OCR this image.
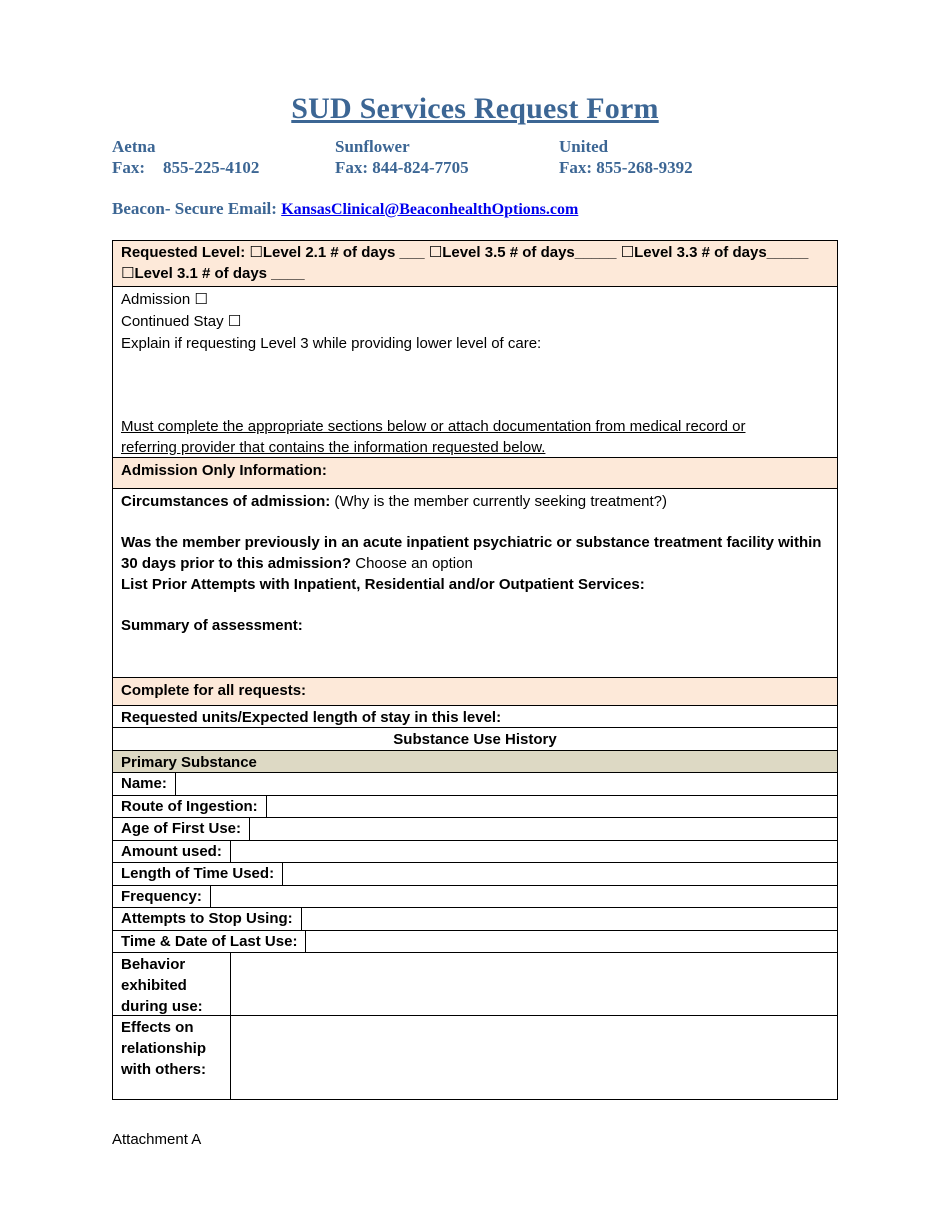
SUD Services Request Form
Aetna
Fax: 855-225-4102
Sunflower
Fax: 844-824-7705
United
Fax: 855-268-9392
Beacon- Secure Email: KansasClinical@BeaconhealthOptions.com
Requested Level: ☐Level 2.1 # of days ___ ☐Level 3.5 # of days_____ ☐Level 3.3 # of days_____
☐Level 3.1 # of days ____
Admission ☐
Continued Stay ☐
Explain if requesting Level 3 while providing lower level of care:
Must complete the appropriate sections below or attach documentation from medical record or
referring provider that contains the information requested below.
Admission Only Information:
Circumstances of admission: (Why is the member currently seeking treatment?)
Was the member previously in an acute inpatient psychiatric or substance treatment facility within
30 days prior to this admission? Choose an option
List Prior Attempts with Inpatient, Residential and/or Outpatient Services:
Summary of assessment:
Complete for all requests:
Requested units/Expected length of stay in this level:
Substance Use History
Primary Substance
Name:
Route of Ingestion:
Age of First Use:
Amount used:
Length of Time Used:
Frequency:
Attempts to Stop Using:
Time & Date of Last Use:
Behavior
exhibited
during use:
Effects on
relationship
with others:
Attachment A
